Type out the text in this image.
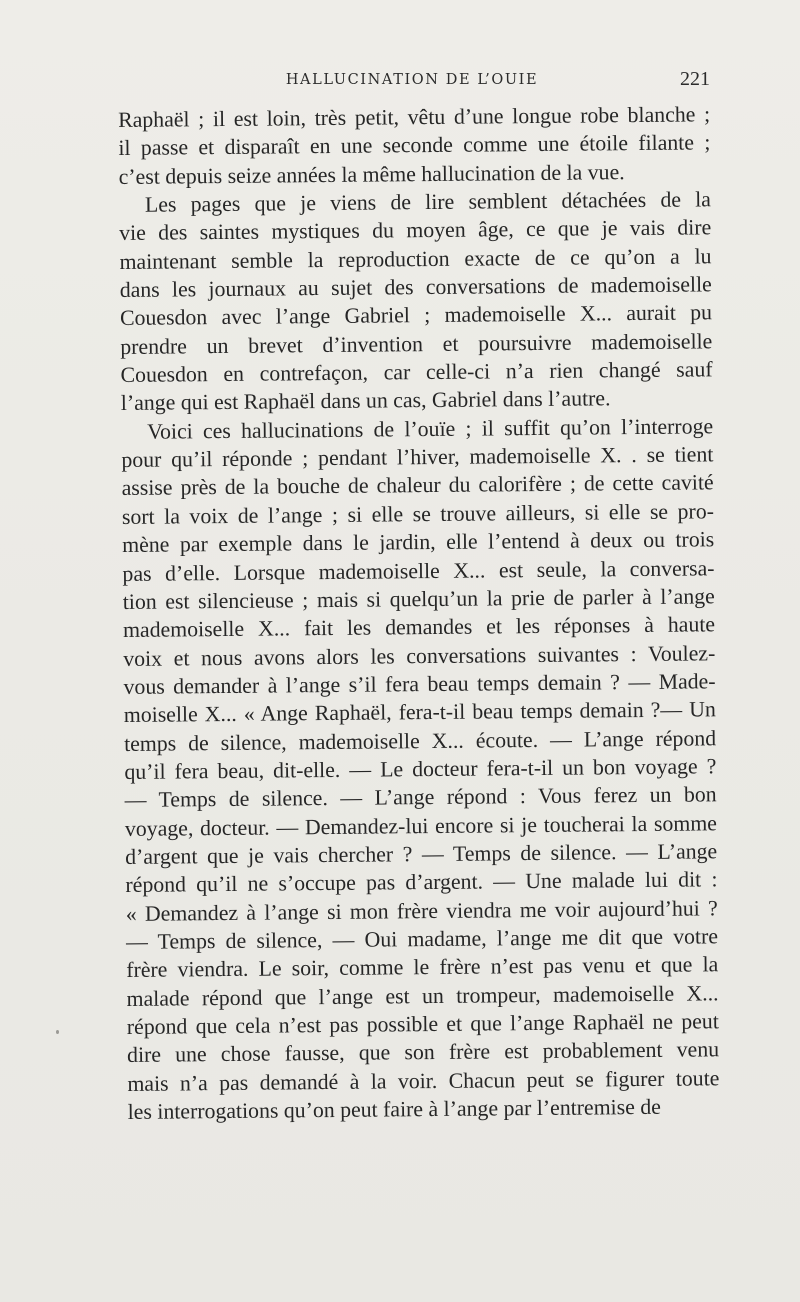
HALLUCINATION DE L’OUIE	221
Raphaël ; il est loin, très petit, vêtu d’une longue robe blanche ;
il passe et disparaît en une seconde comme une étoile filante ;
c’est depuis seize années la même hallucination de la vue.
Les pages que je viens de lire semblent détachées de la
vie des saintes mystiques du moyen âge, ce que je vais dire
maintenant semble la reproduction exacte de ce qu’on a lu
dans les journaux au sujet des conversations de mademoiselle
Couesdon avec l’ange Gabriel ; mademoiselle X... aurait pu
prendre un brevet d’invention et poursuivre mademoiselle
Couesdon en contrefaçon, car celle-ci n’a rien changé sauf
l’ange qui est Raphaël dans un cas, Gabriel dans l’autre.
Voici ces hallucinations de l’ouïe ; il suffit qu’on l’interroge
pour qu’il réponde ; pendant l’hiver, mademoiselle X. . se tient
assise près de la bouche de chaleur du calorifère ; de cette cavité
sort la voix de l’ange ; si elle se trouve ailleurs, si elle se pro-
mène par exemple dans le jardin, elle l’entend à deux ou trois
pas d’elle. Lorsque mademoiselle X... est seule, la conversa-
tion est silencieuse ; mais si quelqu’un la prie de parler à l’ange
mademoiselle X... fait les demandes et les réponses à haute
voix et nous avons alors les conversations suivantes : Voulez-
vous demander à l’ange s’il fera beau temps demain ? — Made-
moiselle X... « Ange Raphaël, fera-t-il beau temps demain ?— Un
temps de silence, mademoiselle X... écoute. — L’ange répond
qu’il fera beau, dit-elle. — Le docteur fera-t-il un bon voyage ?
— Temps de silence. — L’ange répond : Vous ferez un bon
voyage, docteur. — Demandez-lui encore si je toucherai la somme
d’argent que je vais chercher ? — Temps de silence. — L’ange
répond qu’il ne s’occupe pas d’argent. — Une malade lui dit :
« Demandez à l’ange si mon frère viendra me voir aujourd’hui ?
— Temps de silence, — Oui madame, l’ange me dit que votre
frère viendra. Le soir, comme le frère n’est pas venu et que la
malade répond que l’ange est un trompeur, mademoiselle X...
répond que cela n’est pas possible et que l’ange Raphaël ne peut
dire une chose fausse, que son frère est probablement venu
mais n’a pas demandé à la voir. Chacun peut se figurer toute
les interrogations qu’on peut faire à l’ange par l’entremise de
